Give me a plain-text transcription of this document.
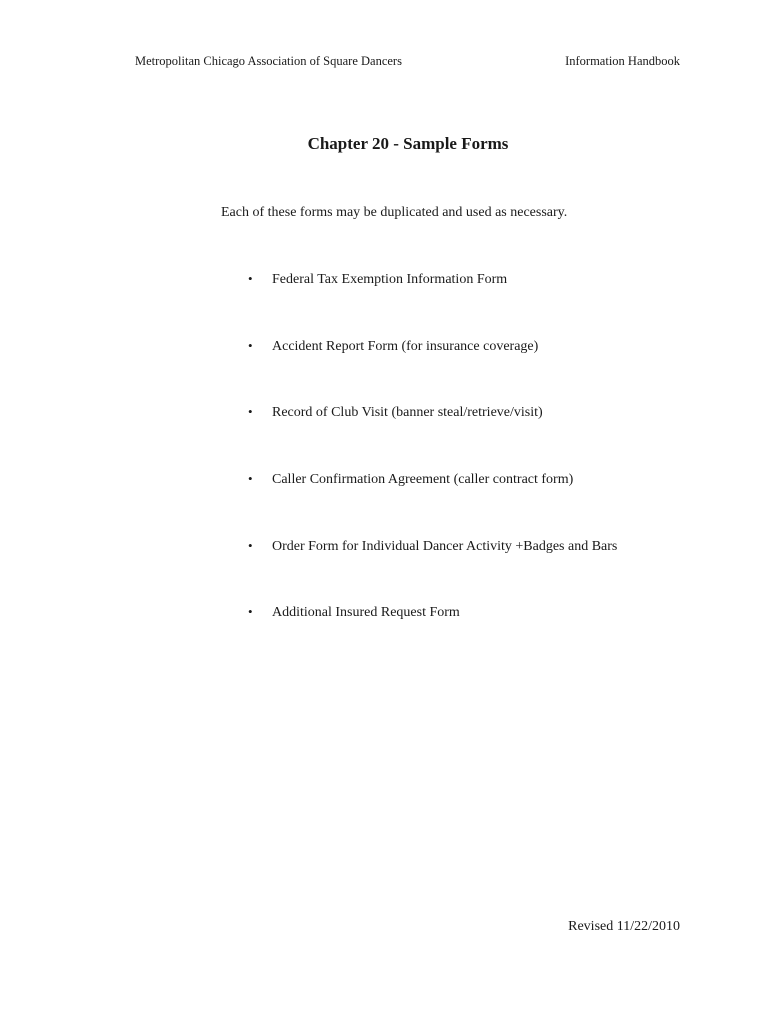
Metropolitan Chicago Association of Square Dancers	Information Handbook
Chapter 20 - Sample Forms
Each of these forms may be duplicated and used as necessary.
• Federal Tax Exemption Information Form
• Accident Report Form (for insurance coverage)
• Record of Club Visit (banner steal/retrieve/visit)
• Caller Confirmation Agreement (caller contract form)
• Order Form for Individual Dancer Activity +Badges and Bars
• Additional Insured Request Form
Revised 11/22/2010
